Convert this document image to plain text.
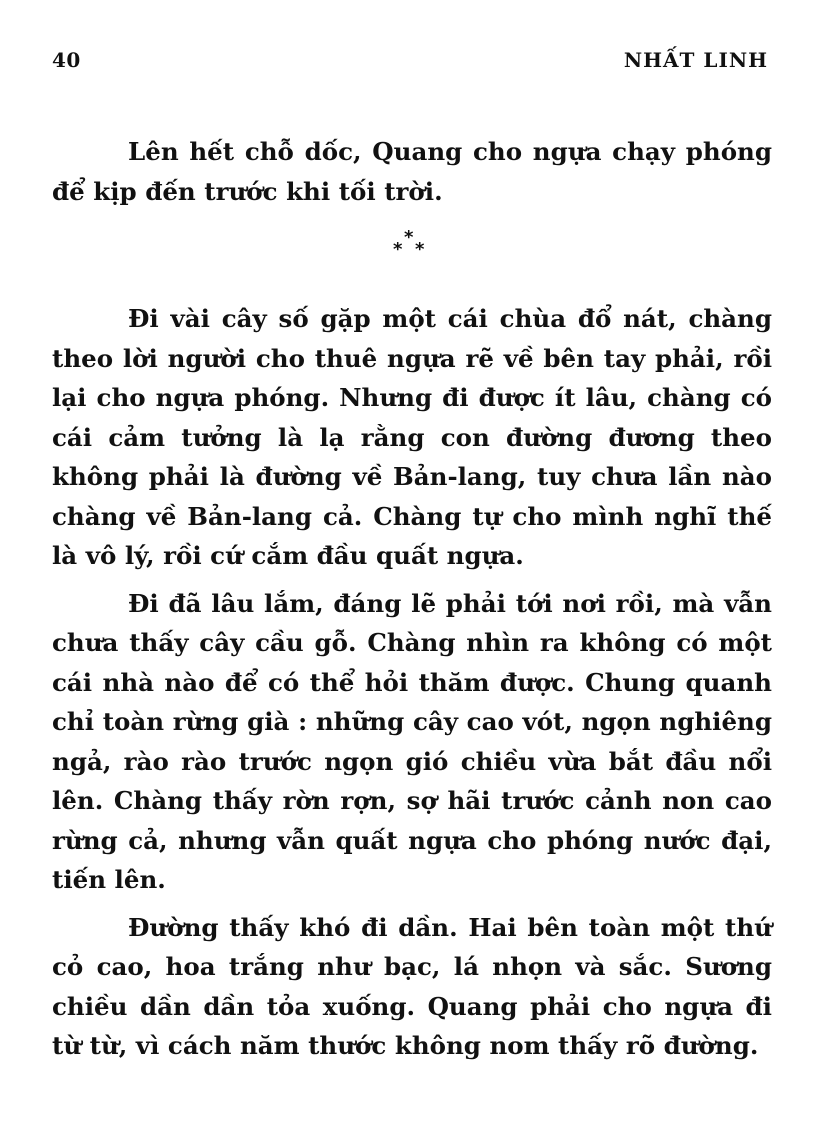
40	NHẤT LINH

Lên hết chỗ dốc, Quang cho ngựa chạy phóng để kịp đến trước khi tối trời.

*
* *

Đi vài cây số gặp một cái chùa đổ nát, chàng theo lời người cho thuê ngựa rẽ về bên tay phải, rồi lại cho ngựa phóng. Nhưng đi được ít lâu, chàng có cái cảm tưởng là lạ rằng con đường đương theo không phải là đường về Bản-lang, tuy chưa lần nào chàng về Bản-lang cả. Chàng tự cho mình nghĩ thế là vô lý, rồi cứ cắm đầu quất ngựa.

Đi đã lâu lắm, đáng lẽ phải tới nơi rồi, mà vẫn chưa thấy cây cầu gỗ. Chàng nhìn ra không có một cái nhà nào để có thể hỏi thăm được. Chung quanh chỉ toàn rừng già : những cây cao vót, ngọn nghiêng ngả, rào rào trước ngọn gió chiều vừa bắt đầu nổi lên. Chàng thấy rờn rợn, sợ hãi trước cảnh non cao rừng cả, nhưng vẫn quất ngựa cho phóng nước đại, tiến lên.

Đường thấy khó đi dần. Hai bên toàn một thứ cỏ cao, hoa trắng như bạc, lá nhọn và sắc. Sương chiều dần dần tỏa xuống. Quang phải cho ngựa đi từ từ, vì cách năm thước không nom thấy rõ đường.
